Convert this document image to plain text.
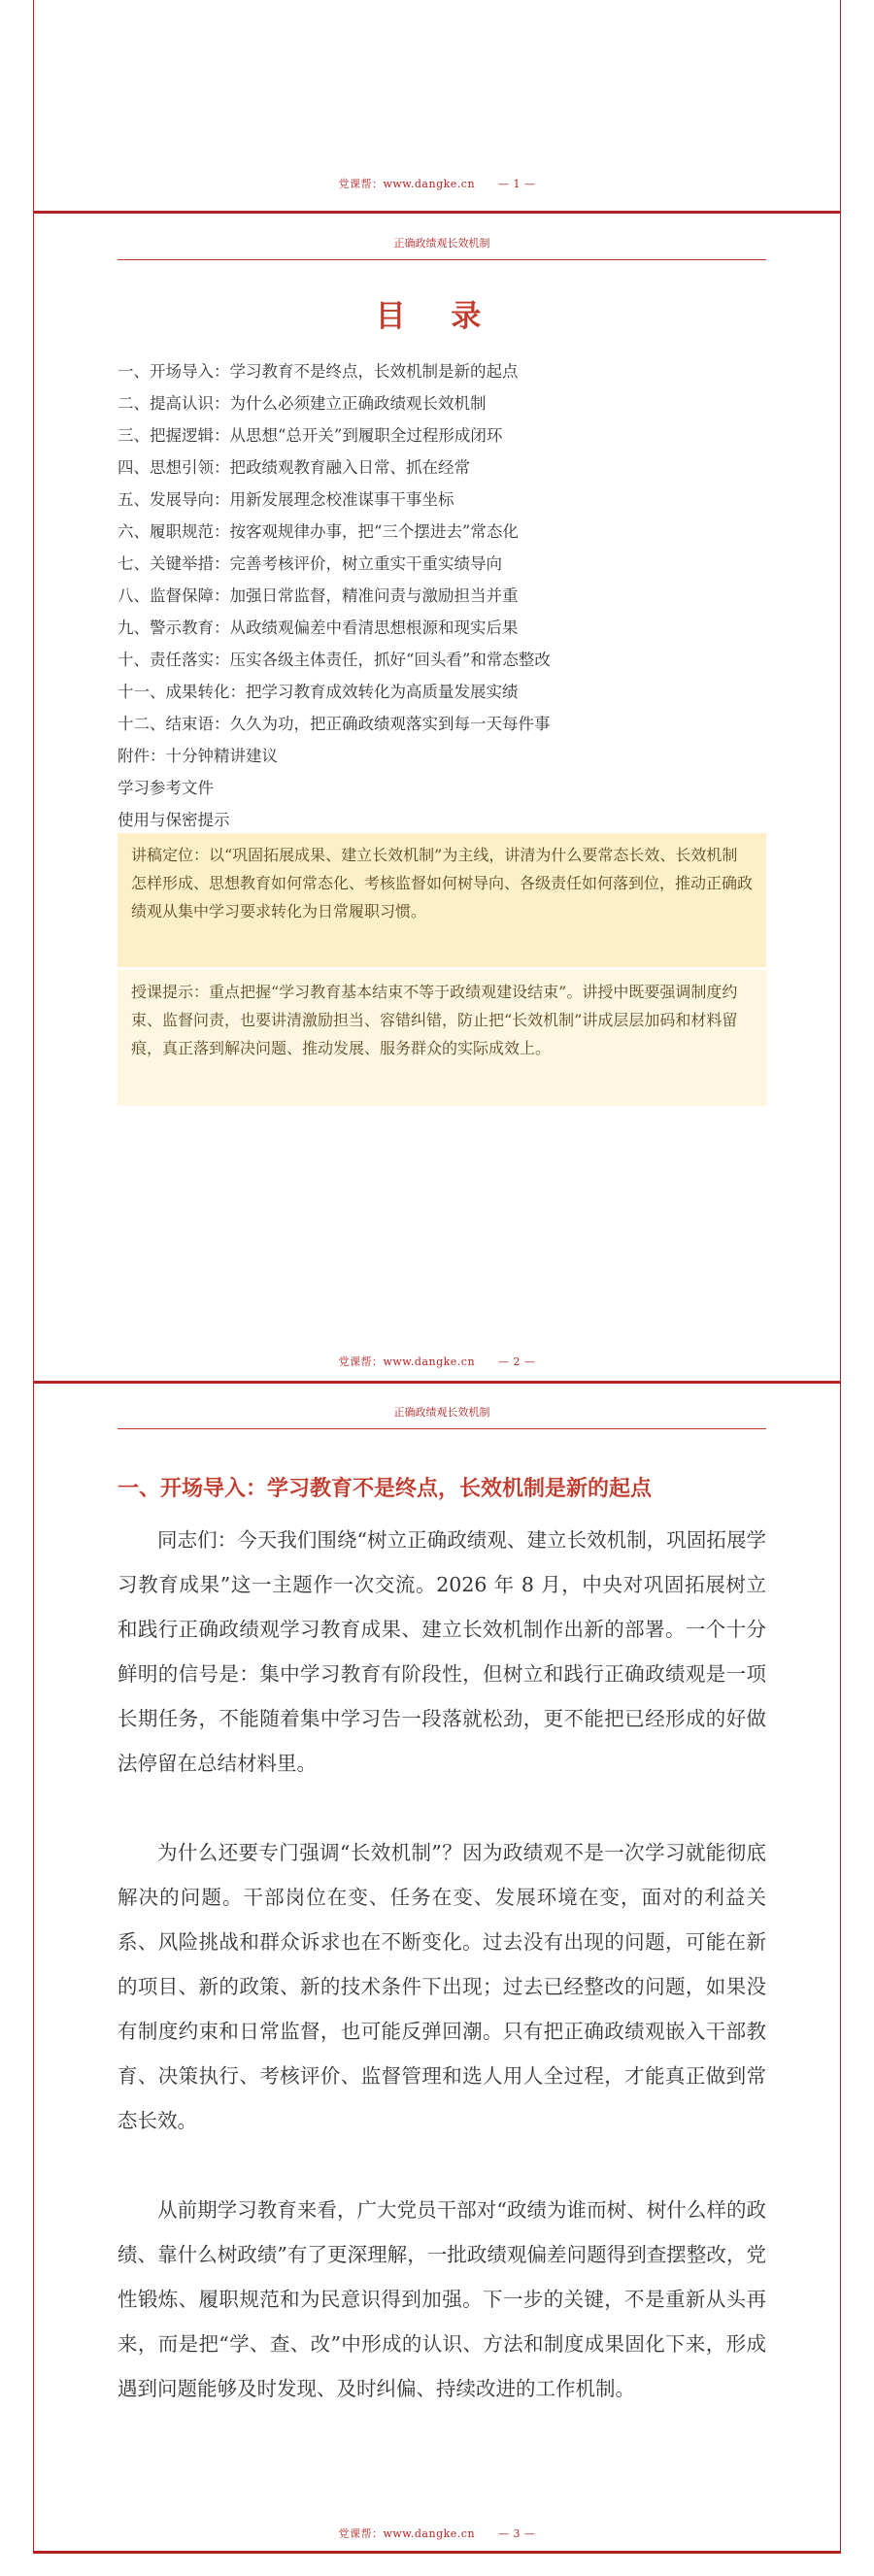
党课帮：www.dangke.cn — 1 —
正确政绩观长效机制
目 录
一、开场导入：学习教育不是终点，长效机制是新的起点
二、提高认识：为什么必须建立正确政绩观长效机制
三、把握逻辑：从思想“总开关”到履职全过程形成闭环
四、思想引领：把政绩观教育融入日常、抓在经常
五、发展导向：用新发展理念校准谋事干事坐标
六、履职规范：按客观规律办事，把“三个摆进去”常态化
七、关键举措：完善考核评价，树立重实干重实绩导向
八、监督保障：加强日常监督，精准问责与激励担当并重
九、警示教育：从政绩观偏差中看清思想根源和现实后果
十、责任落实：压实各级主体责任，抓好“回头看”和常态整改
十一、成果转化：把学习教育成效转化为高质量发展实绩
十二、结束语：久久为功，把正确政绩观落实到每一天每件事
附件：十分钟精讲建议
学习参考文件
使用与保密提示
讲稿定位：以“巩固拓展成果、建立长效机制”为主线，讲清为什么要常态长效、长效机制怎样形成、思想教育如何常态化、考核监督如何树导向、各级责任如何落到位，推动正确政绩观从集中学习要求转化为日常履职习惯。
授课提示：重点把握“学习教育基本结束不等于政绩观建设结束”。讲授中既要强调制度约束、监督问责，也要讲清激励担当、容错纠错，防止把“长效机制”讲成层层加码和材料留痕，真正落到解决问题、推动发展、服务群众的实际成效上。
党课帮：www.dangke.cn — 2 —
正确政绩观长效机制
一、开场导入：学习教育不是终点，长效机制是新的起点

同志们：今天我们围绕“树立正确政绩观、建立长效机制，巩固拓展学习教育成果”这一主题作一次交流。2026 年 8 月，中央对巩固拓展树立和践行正确政绩观学习教育成果、建立长效机制作出新的部署。一个十分鲜明的信号是：集中学习教育有阶段性，但树立和践行正确政绩观是一项长期任务，不能随着集中学习告一段落就松劲，更不能把已经形成的好做法停留在总结材料里。

为什么还要专门强调“长效机制”？因为政绩观不是一次学习就能彻底解决的问题。干部岗位在变、任务在变、发展环境在变，面对的利益关系、风险挑战和群众诉求也在不断变化。过去没有出现的问题，可能在新的项目、新的政策、新的技术条件下出现；过去已经整改的问题，如果没有制度约束和日常监督，也可能反弹回潮。只有把正确政绩观嵌入干部教育、决策执行、考核评价、监督管理和选人用人全过程，才能真正做到常态长效。

从前期学习教育来看，广大党员干部对“政绩为谁而树、树什么样的政绩、靠什么树政绩”有了更深理解，一批政绩观偏差问题得到查摆整改，党性锻炼、履职规范和为民意识得到加强。下一步的关键，不是重新从头再来，而是把“学、查、改”中形成的认识、方法和制度成果固化下来，形成遇到问题能够及时发现、及时纠偏、持续改进的工作机制。

党课帮：www.dangke.cn — 3 —
